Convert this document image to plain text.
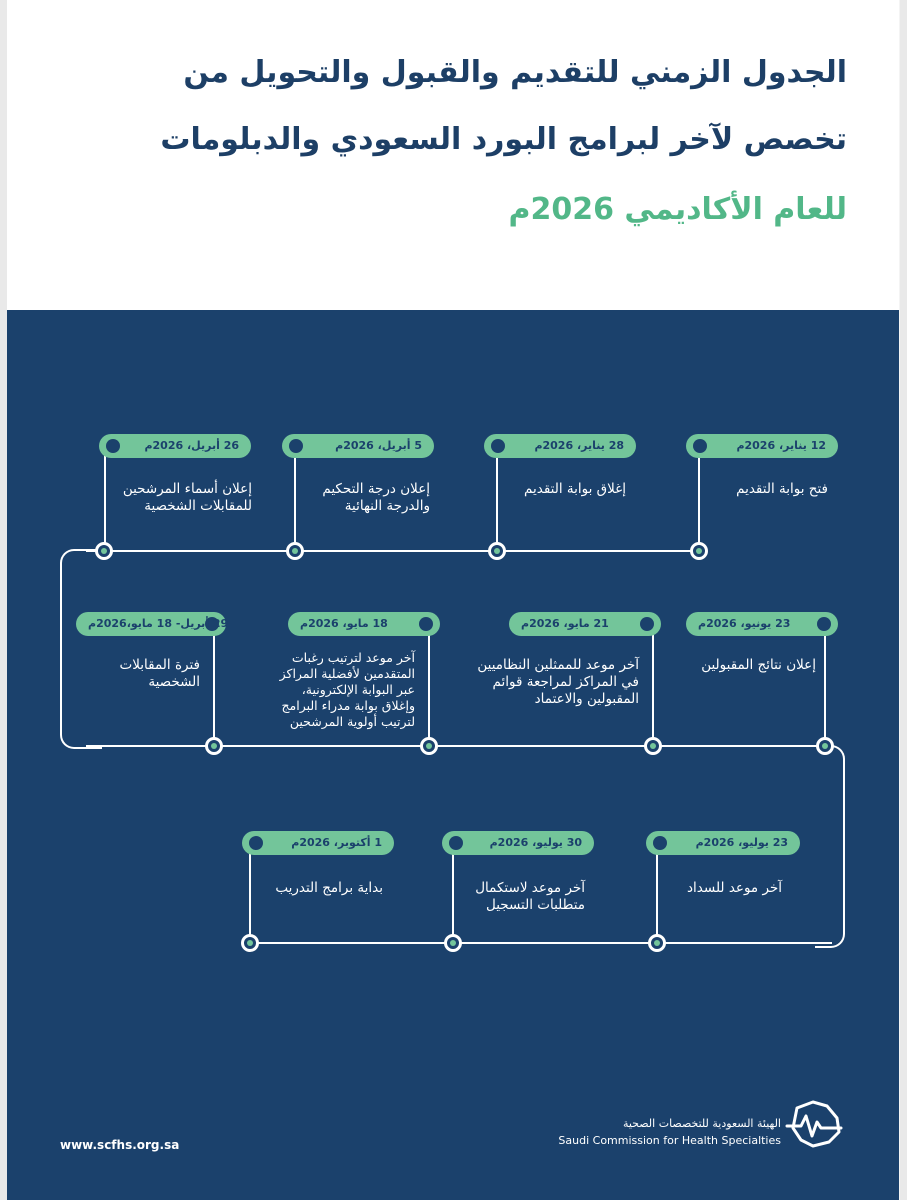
الجدول الزمني للتقديم والقبول والتحويل من
تخصص لآخر لبرامج البورد السعودي والدبلومات
للعام الأكاديمي 2026م
12 يناير، 2026م
فتح بوابة التقديم
28 يناير، 2026م
إغلاق بوابة التقديم
5 أبريل، 2026م
إعلان درجة التحكيم
والدرجة النهائية
26 أبريل، 2026م
إعلان أسماء المرشحين
للمقابلات الشخصية
29 أبريل- 18 مايو،2026م
فترة المقابلات
الشخصية
18 مايو، 2026م
آخر موعد لترتيب رغبات
المتقدمين لأفضلية المراكز
عبر البوابة الإلكترونية،
وإغلاق بوابة مدراء البرامج
لترتيب أولوية المرشحين
21 مايو، 2026م
آخر موعد للممثلين النظاميين
في المراكز لمراجعة قوائم
المقبولين والاعتماد
23 يونيو، 2026م
إعلان نتائج المقبولين
23 يوليو، 2026م
آخر موعد للسداد
30 يوليو، 2026م
آخر موعد لاستكمال
متطلبات التسجيل
1 أكتوبر، 2026م
بداية برامج التدريب
www.scfhs.org.sa
الهيئة السعودية للتخصصات الصحية
Saudi Commission for Health Specialties
